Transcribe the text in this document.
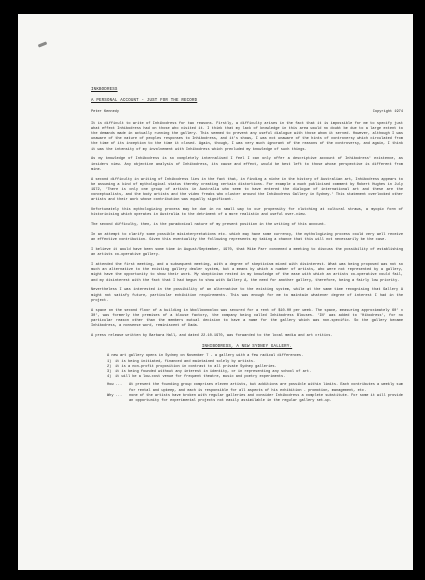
INKBODRESS
A PERSONAL ACCOUNT - JUST FOR THE RECORD
Peter Kennedy	Copyright 1974
It is difficult to write of Inhibodress for two reasons. Firstly, a difficulty arises in the fact that it is impossible for me to specify just what effect Inhibodress had on those who visited it. I think that my lack of knowledge in this area would no doubt be due to a large extent to the demands made in actually running the gallery. This seemed to prevent any useful dialogue with those whom it served. However, although I was unaware of the nature of peoples responses to Inhibodress, and it's shows, I was not unaware of the hints of controversy which circulated from the time of its inception to the time it closed. Again, though, I was very much ignorant of the reasons of the controversy, and again, I think it was the intensity of my involvement with Inhibodress which precluded my knowledge of such things.
As my knowledge of Inhibodress is so completely internalised I feel I can only offer a descriptive account of Inhibodress' existence, as insiders view. Any objective analysis of Inhibodress, its cause and effect, would be best left to those whose perspective is different from mine.
A second difficulty in writing of Inhibodress lies in the fact that, in finding a niche in the history of Australian art, Inhibodress appears to be assuming a kind of mythological status thereby creating certain distortions. For example a much publicised comment by Robert Hughes in July 1972, 'There is only one group of artists in Australia who seem to have entered the dialogue of international art and these are the conceptualists, and the body artists and the video freaks who cluster around the Inhibodress Gallery in Sydney.' This statement overlooked other artists and their work whose contribution was equally significant.
Unfortunately this mythologizing process may be due in no small way to our propensity for clutching at cultural straws, a myopic form of historicising which operates in Australia to the detriment of a more realistic and useful over-view.
The second difficulty, then, is the paradoxical nature of my present position in the writing of this account.
In an attempt to clarify some possible misinterpretations etc. which may have some currency, the mythologizing process could very well receive an effective contribution. Given this eventuality the following represents my taking a chance that this will not necessarily be the case.
I believe it would have been some time in August/September, 1970, that Mike Parr convened a meeting to discuss the possibility of establishing an artists co-operative gallery.
I attended the first meeting, and a subsequent meeting, with a degree of skepticism mixed with disinterest. What was being proposed was not so much an alternative to the existing gallery dealer system, but a means by which a number of artists, who were not represented by a gallery, might have the opportunity to show their work. My skepticism rested in my knowledge of the ease with which an artists co-operative could fail, and my disinterest with the fact that I had begun to show with Gallery A, the need for another gallery, therefore, being a fairly low priority.
Nevertheless I was interested in the possibility of an alternative to the existing system, while at the same time recognising that Gallery A might not satisfy future, particular exhibition requirements. This was enough for me to maintain whatever degree of interest I had in the project.
A space on the second floor of a building in Woolloomooloo was secured for a rent of $10.00 per week. The space, measuring approximately 60' x 30', was formerly the premises of a blouse factory, the company being called Inhibodress Blouses. 'IN' was added to 'Hibodress', for no particular reason other than the members mutual decision to have a name for the gallery which was non-specific. So the gallery became Inhibodress, a nonsense word, reminiscent of Dada.
A press release written by Barbara Hall, and dated 22.10.1970, was forwarded to the local media and art critics.
INHIBODRESS, A NEW SYDNEY GALLERY.
A new art gallery opens in Sydney on November 7 - a gallery with a few radical differences.
1)	it is being initiated, financed and maintained solely by artists.
2)	it is a non-profit proposition in contrast to all private Sydney galleries.
3)	it is being founded without any interest in identity, or in representing any school of art.
4)	it will be a low-cost venue for frequent theatre, music and poetry experiments.
How ...	At present the founding group comprises eleven artists, but additions are possible within limits. Each contributes a weekly sum for rental and upkeep, and each is responsible for all aspects of his exhibition - promotion, management, etc.
Why ...	none of the artists have broken with regular galleries and consider Inhibodress a complete substitute. For some it will provide an opportunity for experimental projects not easily assimilable in the regular gallery set-up.
